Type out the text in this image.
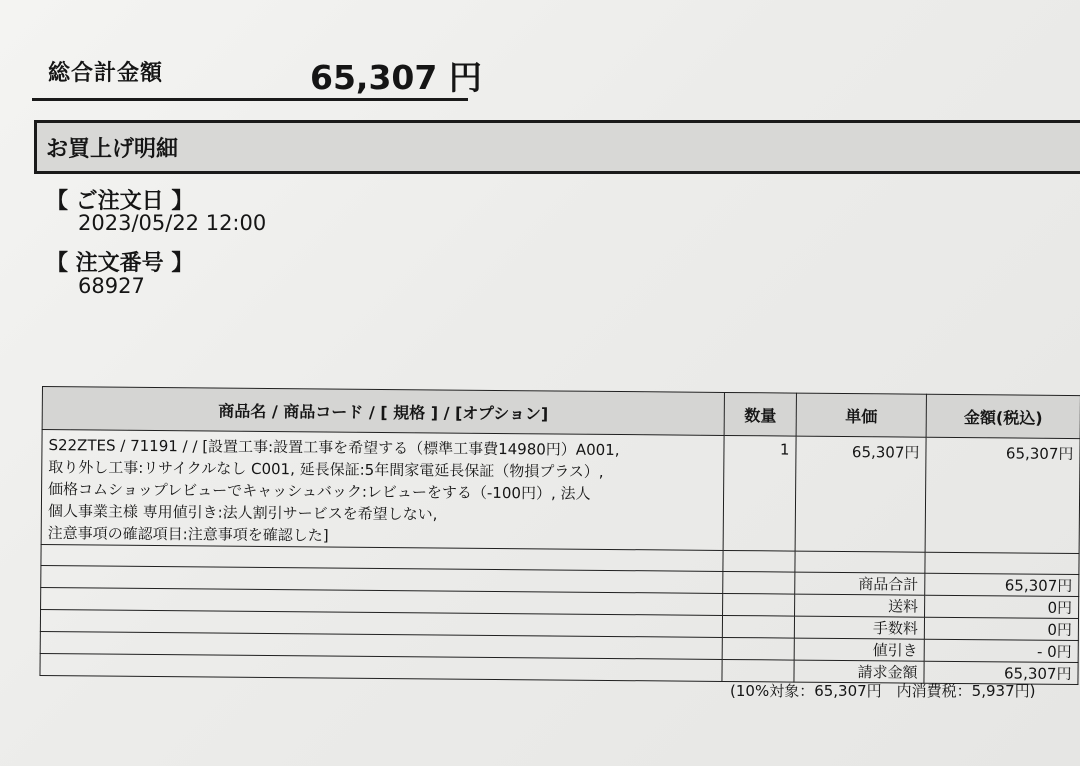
総合計金額	65,307 円
お買上げ明細
【 ご注文日 】
2023/05/22 12:00
【 注文番号 】
68927
商品名 / 商品コード / [ 規格 ] / [オプション]	数量	単価	金額(税込)

S22ZTES / 71191 / / [設置工事:設置工事を希望する（標準工事費14980円）A001,
取り外し工事:リサイクルなし C001, 延長保証:5年間家電延長保証（物損プラス）,
価格コムショップレビューでキャッシュバック:レビューをする（-100円）, 法人
個人事業主様 専用値引き:法人割引サービスを希望しない,
注意事項の確認項目:注意事項を確認した]	1	65,307円	65,307円

		商品合計	65,307円
		送料	0円
		手数料	0円
		値引き	- 0円
		請求金額	65,307円
(10%対象：65,307円　内消費税：5,937円)
